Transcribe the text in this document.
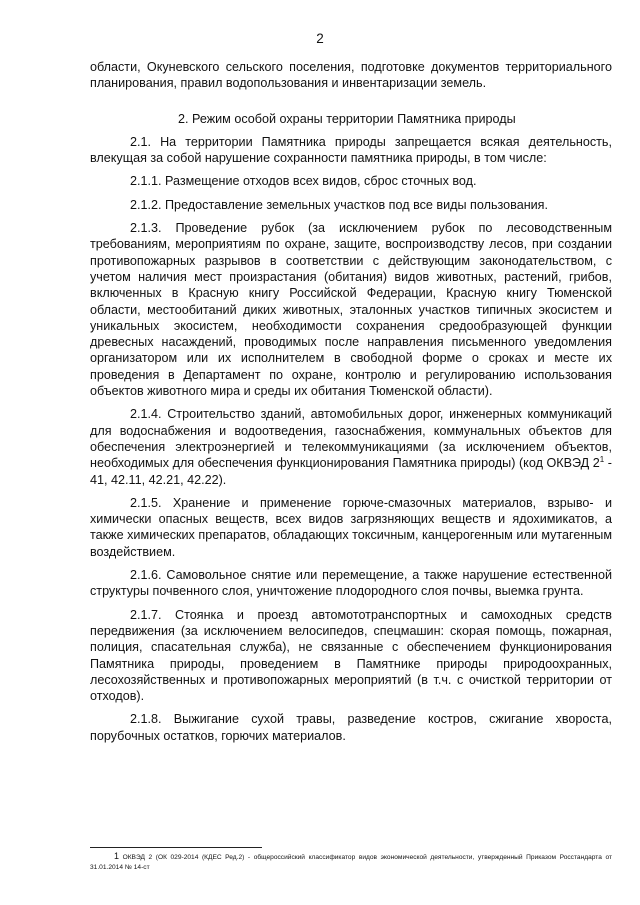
2

области, Окуневского сельского поселения, подготовке документов территориального планирования, правил водопользования и инвентаризации земель.

2. Режим особой охраны территории Памятника природы

2.1. На территории Памятника природы запрещается всякая деятельность, влекущая за собой нарушение сохранности памятника природы, в том числе:

2.1.1. Размещение отходов всех видов, сброс сточных вод.

2.1.2. Предоставление земельных участков под все виды пользования.

2.1.3. Проведение рубок (за исключением рубок по лесоводственным требованиям, мероприятиям по охране, защите, воспроизводству лесов, при создании противопожарных разрывов в соответствии с действующим законодательством, с учетом наличия мест произрастания (обитания) видов животных, растений, грибов, включенных в Красную книгу Российской Федерации, Красную книгу Тюменской области, местообитаний диких животных, эталонных участков типичных экосистем и уникальных экосистем, необходимости сохранения средообразующей функции древесных насаждений, проводимых после направления письменного уведомления организатором или их исполнителем в свободной форме о сроках и месте их проведения в Департамент по охране, контролю и регулированию использования объектов животного мира и среды их обитания Тюменской области).

2.1.4. Строительство зданий, автомобильных дорог, инженерных коммуникаций для водоснабжения и водоотведения, газоснабжения, коммунальных объектов для обеспечения электроэнергией и телекоммуникациями (за исключением объектов, необходимых для обеспечения функционирования Памятника природы) (код ОКВЭД 2$^1$ - 41, 42.11, 42.21, 42.22).

2.1.5. Хранение и применение горюче-смазочных материалов, взрыво- и химически опасных веществ, всех видов загрязняющих веществ и ядохимикатов, а также химических препаратов, обладающих токсичным, канцерогенным или мутагенным воздействием.

2.1.6. Самовольное снятие или перемещение, а также нарушение естественной структуры почвенного слоя, уничтожение плодородного слоя почвы, выемка грунта.

2.1.7. Стоянка и проезд автомототранспортных и самоходных средств передвижения (за исключением велосипедов, спецмашин: скорая помощь, пожарная, полиция, спасательная служба), не связанные с обеспечением функционирования Памятника природы, проведением в Памятнике природы природоохранных, лесохозяйственных и противопожарных мероприятий (в т.ч. с очисткой территории от отходов).

2.1.8. Выжигание сухой травы, разведение костров, сжигание хворостa, порубочных остатков, горючих материалов.

1 ОКВЭД 2 (ОК 029-2014 (КДЕС Ред.2) - общероссийский классификатор видов экономической деятельности, утвержденный Приказом Росстандарта от 31.01.2014 № 14-ст
